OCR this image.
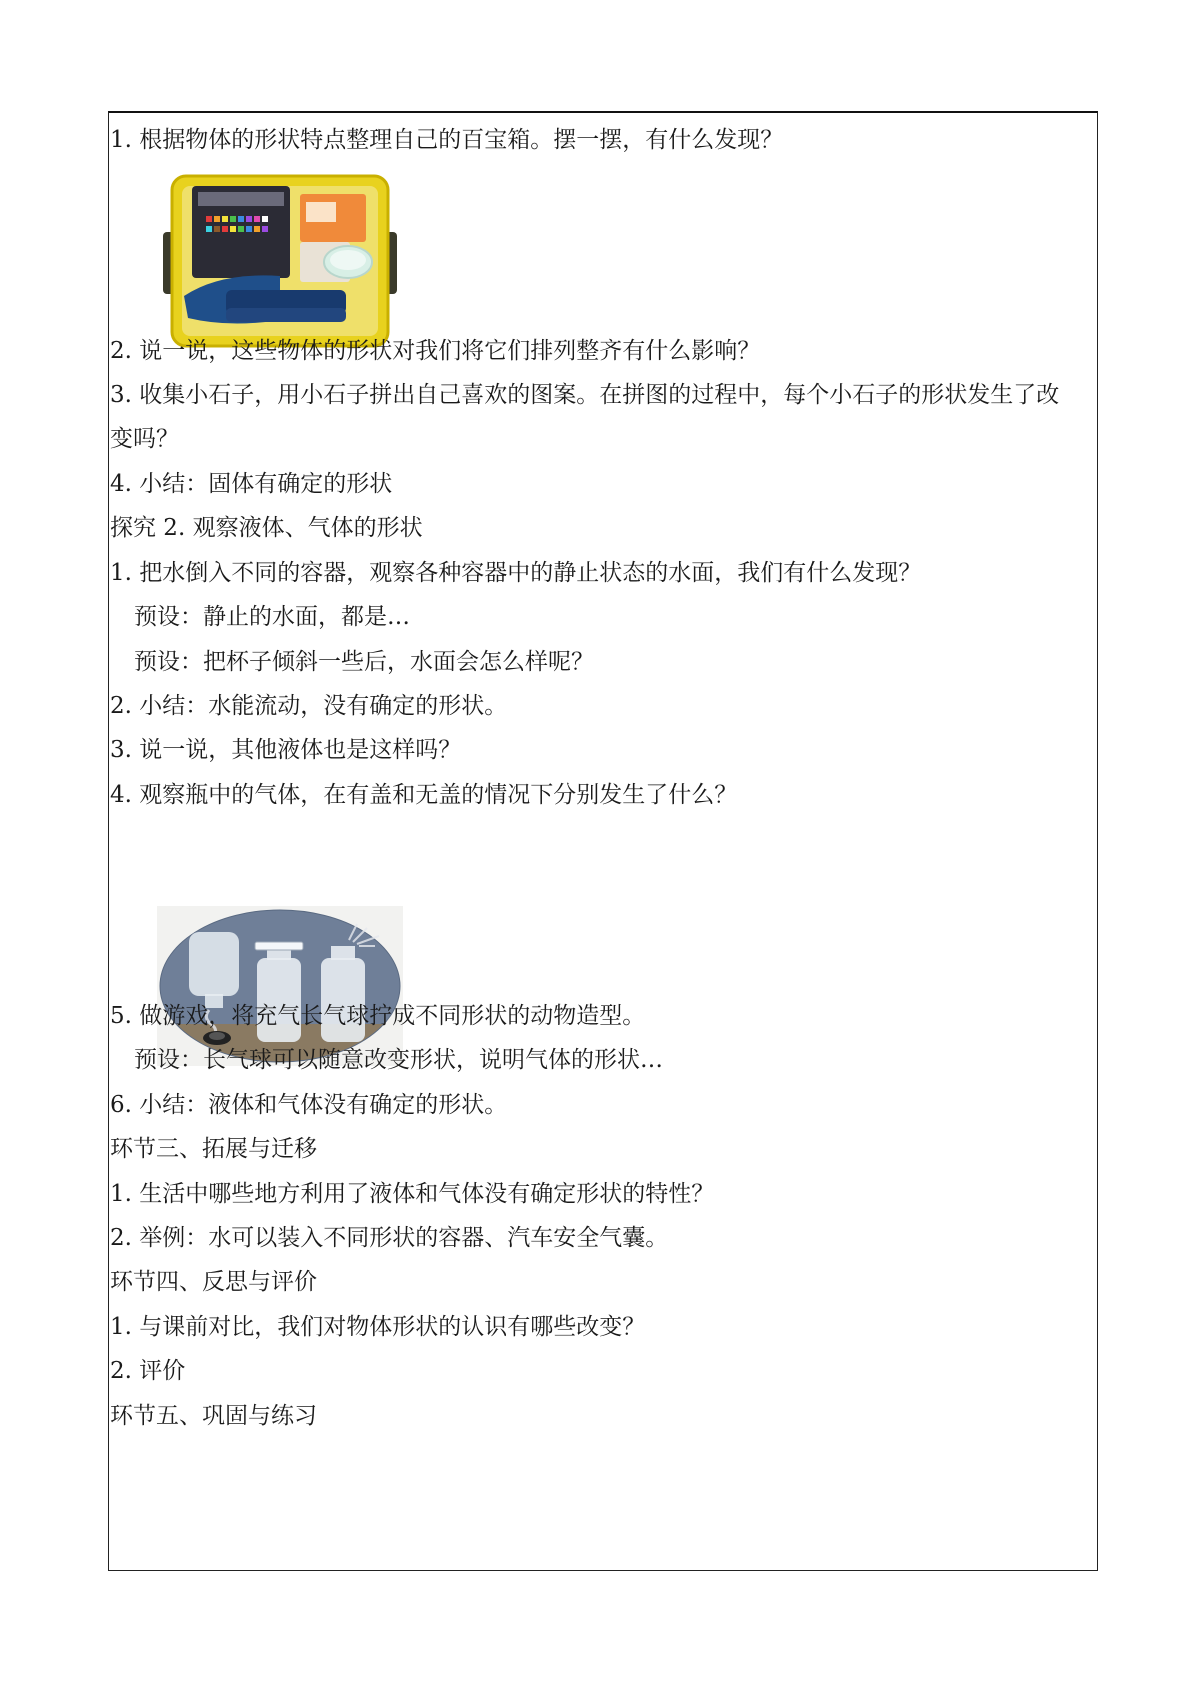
1. 根据物体的形状特点整理自己的百宝箱。摆一摆，有什么发现？
2. 说一说，这些物体的形状对我们将它们排列整齐有什么影响？
3. 收集小石子，用小石子拼出自己喜欢的图案。在拼图的过程中，每个小石子的形状发生了改
变吗？
4. 小结：固体有确定的形状
探究 2. 观察液体、气体的形状
1. 把水倒入不同的容器，观察各种容器中的静止状态的水面，我们有什么发现？
预设：静止的水面，都是…
预设：把杯子倾斜一些后，水面会怎么样呢？
2. 小结：水能流动，没有确定的形状。
3. 说一说，其他液体也是这样吗？
4. 观察瓶中的气体，在有盖和无盖的情况下分别发生了什么？
5. 做游戏，将充气长气球拧成不同形状的动物造型。
预设：长气球可以随意改变形状，说明气体的形状…
6. 小结：液体和气体没有确定的形状。
环节三、拓展与迁移
1. 生活中哪些地方利用了液体和气体没有确定形状的特性？
2. 举例：水可以装入不同形状的容器、汽车安全气囊。
环节四、反思与评价
1. 与课前对比，我们对物体形状的认识有哪些改变？
2. 评价
环节五、巩固与练习
